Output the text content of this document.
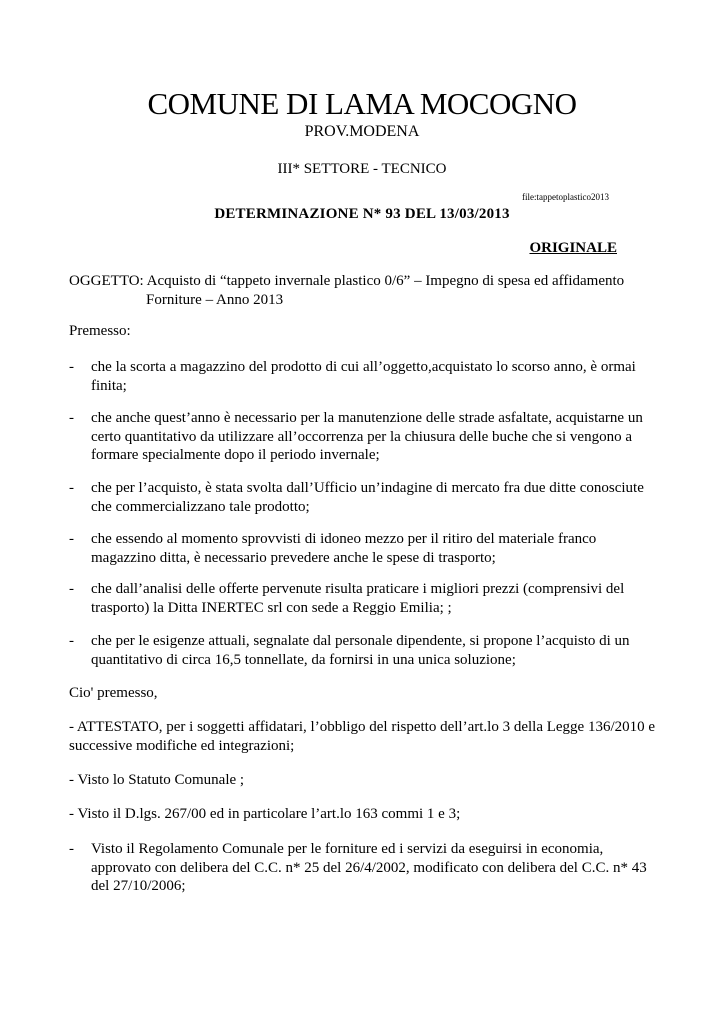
COMUNE DI LAMA MOCOGNO
PROV.MODENA
III* SETTORE - TECNICO
file:tappetoplastico2013
DETERMINAZIONE N* 93 DEL 13/03/2013
ORIGINALE
OGGETTO: Acquisto di “tappeto invernale plastico 0/6” – Impegno di spesa ed affidamento
Forniture – Anno 2013
Premesso:
-	che la scorta a magazzino del prodotto di cui all’oggetto,acquistato lo scorso anno, è ormai finita;
-	che anche quest’anno è necessario per la manutenzione delle strade asfaltate, acquistarne un certo quantitativo da utilizzare all’occorrenza per la chiusura delle buche che si vengono a formare specialmente dopo il periodo invernale;
-	che per l’acquisto, è stata svolta dall’Ufficio un’indagine di mercato fra due ditte conosciute che commercializzano tale prodotto;
-	che essendo al momento sprovvisti di idoneo mezzo per il ritiro del materiale franco magazzino ditta, è necessario prevedere anche le spese di trasporto;
-	che dall’analisi delle offerte pervenute risulta praticare i migliori prezzi (comprensivi del trasporto) la Ditta INERTEC srl con sede a Reggio Emilia; ;
-	che per le esigenze attuali, segnalate dal personale dipendente, si propone l’acquisto di un quantitativo di circa 16,5 tonnellate, da fornirsi in una unica soluzione;
Cio' premesso,
- ATTESTATO, per i soggetti affidatari, l’obbligo del rispetto dell’art.lo 3 della Legge 136/2010 e successive modifiche ed integrazioni;
- Visto lo Statuto Comunale ;
- Visto il D.lgs. 267/00 ed in particolare l’art.lo 163 commi 1 e 3;
-	Visto il Regolamento Comunale per le forniture ed i servizi da eseguirsi in economia, approvato con delibera del C.C. n* 25 del 26/4/2002, modificato con delibera del C.C. n* 43 del 27/10/2006;
